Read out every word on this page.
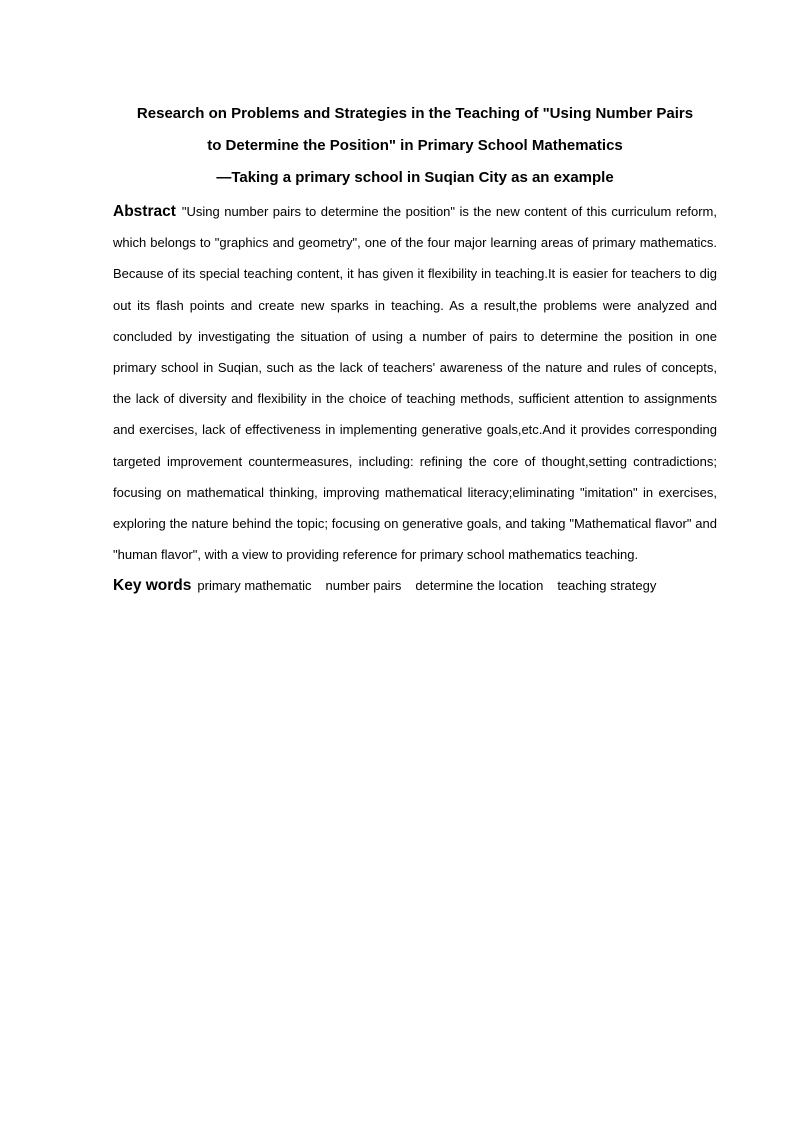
Research on Problems and Strategies in the Teaching of "Using Number Pairs
to Determine the Position" in Primary School Mathematics
—Taking a primary school in Suqian City as an example
Abstract "Using number pairs to determine the position" is the new content of this curriculum reform, which belongs to "graphics and geometry", one of the four major learning areas of primary mathematics. Because of its special teaching content, it has given it flexibility in teaching.It is easier for teachers to dig out its flash points and create new sparks in teaching. As a result,the problems were analyzed and concluded by investigating the situation of using a number of pairs to determine the position in one primary school in Suqian, such as the lack of teachers' awareness of the nature and rules of concepts, the lack of diversity and flexibility in the choice of teaching methods, sufficient attention to assignments and exercises, lack of effectiveness in implementing generative goals,etc.And it provides corresponding targeted improvement countermeasures, including: refining the core of thought,setting contradictions; focusing on mathematical thinking, improving mathematical literacy;eliminating "imitation" in exercises, exploring the nature behind the topic; focusing on generative goals, and taking "Mathematical flavor" and "human flavor", with a view to providing reference for primary school mathematics teaching.
Key words primary mathematic number pairs determine the location teaching strategy
